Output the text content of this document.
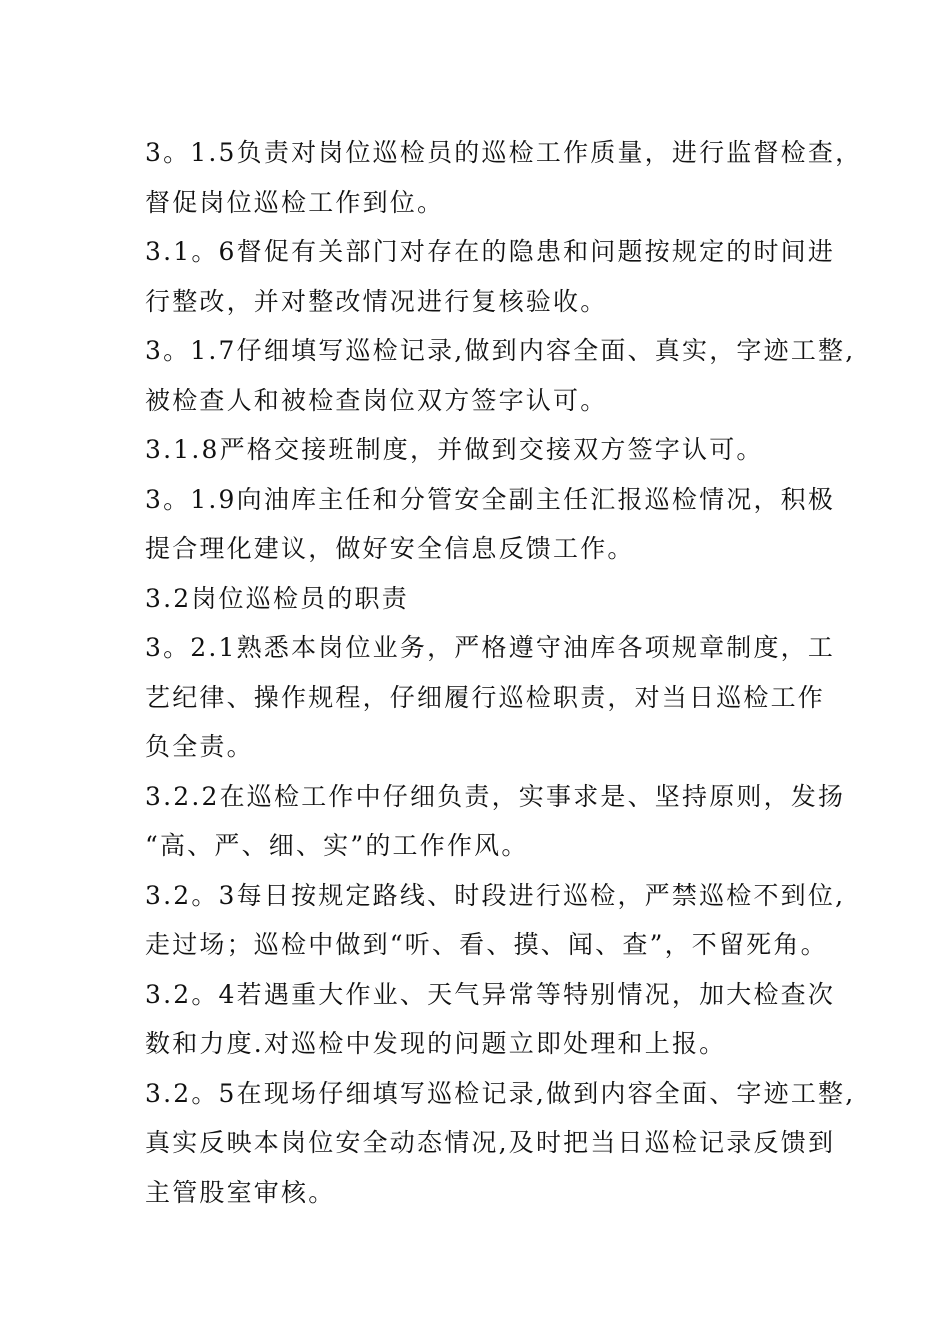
3。1.5负责对岗位巡检员的巡检工作质量，进行监督检查，
督促岗位巡检工作到位。
3.1。6督促有关部门对存在的隐患和问题按规定的时间进
行整改，并对整改情况进行复核验收。
3。1.7仔细填写巡检记录,做到内容全面、真实，字迹工整,
被检查人和被检查岗位双方签字认可。
3.1.8严格交接班制度，并做到交接双方签字认可。
3。1.9向油库主任和分管安全副主任汇报巡检情况，积极
提合理化建议，做好安全信息反馈工作。
3.2岗位巡检员的职责
3。2.1熟悉本岗位业务，严格遵守油库各项规章制度，工
艺纪律、操作规程，仔细履行巡检职责，对当日巡检工作
负全责。
3.2.2在巡检工作中仔细负责，实事求是、坚持原则，发扬
“高、严、细、实”的工作作风。
3.2。3每日按规定路线、时段进行巡检，严禁巡检不到位,
走过场；巡检中做到“听、看、摸、闻、查”，不留死角。
3.2。4若遇重大作业、天气异常等特别情况，加大检查次
数和力度.对巡检中发现的问题立即处理和上报。
3.2。5在现场仔细填写巡检记录,做到内容全面、字迹工整,
真实反映本岗位安全动态情况,及时把当日巡检记录反馈到
主管股室审核。
